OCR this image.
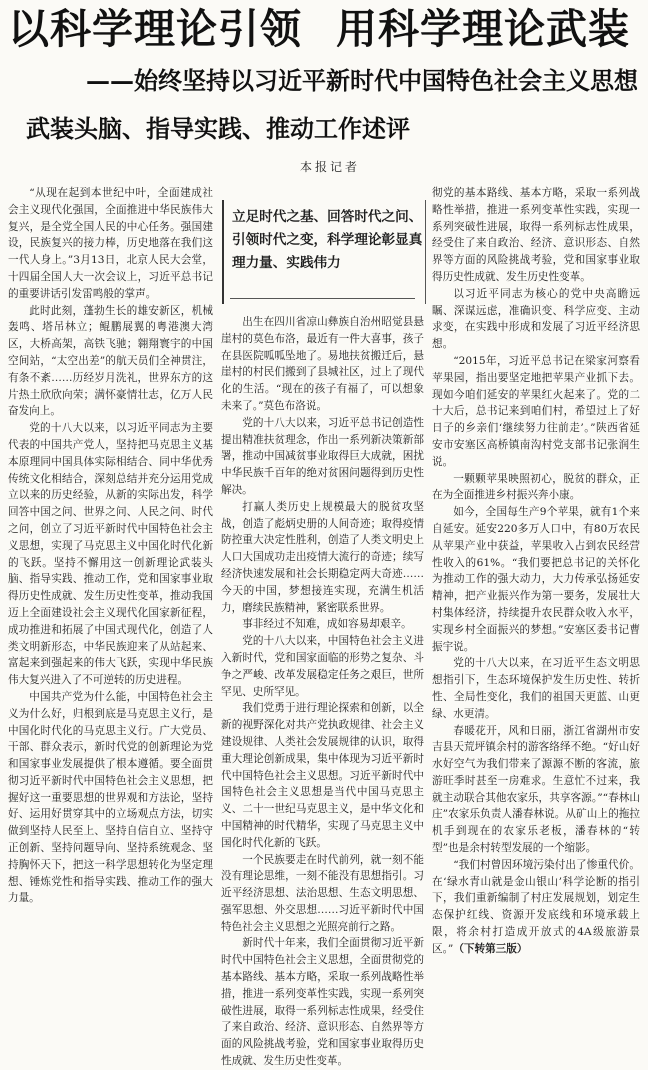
以科学理论引领 用科学理论武装
——始终坚持以习近平新时代中国特色社会主义思想
武装头脑、指导实践、推动工作述评
本报记者

“从现在起到本世纪中叶，全面建成社会主义现代化强国，全面推进中华民族伟大复兴，是全党全国人民的中心任务。强国建设，民族复兴的接力棒，历史地落在我们这一代人身上。”3月13日，北京人民大会堂，十四届全国人大一次会议上，习近平总书记的重要讲话引发雷鸣般的掌声。

此时此刻，蓬勃生长的雄安新区，机械轰鸣、塔吊林立；鲲鹏展翼的粤港澳大湾区，大桥高架，高铁飞驰；翱翔寰宇的中国空间站，“太空出差”的航天员们全神贯注，有条不紊……历经岁月洗礼，世界东方的这片热土欣欣向荣；满怀豪情壮志，亿万人民奋发向上。

党的十八大以来，以习近平同志为主要代表的中国共产党人，坚持把马克思主义基本原理同中国具体实际相结合、同中华优秀传统文化相结合，深刻总结并充分运用党成立以来的历史经验，从新的实际出发，科学回答中国之问、世界之问、人民之问、时代之问，创立了习近平新时代中国特色社会主义思想，实现了马克思主义中国化时代化新的飞跃。坚持不懈用这一创新理论武装头脑、指导实践、推动工作，党和国家事业取得历史性成就、发生历史性变革，推动我国迈上全面建设社会主义现代化国家新征程，成功推进和拓展了中国式现代化，创造了人类文明新形态，中华民族迎来了从站起来、富起来到强起来的伟大飞跃，实现中华民族伟大复兴进入了不可逆转的历史进程。

中国共产党为什么能，中国特色社会主义为什么好，归根到底是马克思主义行，是中国化时代化的马克思主义行。广大党员、干部、群众表示，新时代党的创新理论为党和国家事业发展提供了根本遵循。要全面贯彻习近平新时代中国特色社会主义思想，把握好这一重要思想的世界观和方法论，坚持好、运用好贯穿其中的立场观点方法，切实做到坚持人民至上、坚持自信自立、坚持守正创新、坚持问题导向、坚持系统观念、坚持胸怀天下，把这一科学思想转化为坚定理想、锤炼党性和指导实践、推动工作的强大力量。

立足时代之基、回答时代之问、引领时代之变，科学理论彰显真理力量、实践伟力

出生在四川省凉山彝族自治州昭觉县悬崖村的莫色布洛，最近有一件大喜事，孩子在县医院呱呱坠地了。易地扶贫搬迁后，悬崖村的村民们搬到了县城社区，过上了现代化的生活。“现在的孩子有福了，可以想象未来了。”莫色布洛说。

党的十八大以来，习近平总书记创造性提出精准扶贫理念，作出一系列新决策新部署，推动中国减贫事业取得巨大成就，困扰中华民族千百年的绝对贫困问题得到历史性解决。

打赢人类历史上规模最大的脱贫攻坚战，创造了彪炳史册的人间奇迹；取得疫情防控重大决定性胜利，创造了人类文明史上人口大国成功走出疫情大流行的奇迹；续写经济快速发展和社会长期稳定两大奇迹……今天的中国，梦想接连实现，充满生机活力，磨续民族精神，紧密联系世界。

事非经过不知难，成如容易却艰辛。

党的十八大以来，中国特色社会主义进入新时代，党和国家面临的形势之复杂、斗争之严峻、改革发展稳定任务之艰巨，世所罕见、史所罕见。

我们党勇于进行理论探索和创新，以全新的视野深化对共产党执政规律、社会主义建设规律、人类社会发展规律的认识，取得重大理论创新成果，集中体现为习近平新时代中国特色社会主义思想。习近平新时代中国特色社会主义思想是当代中国马克思主义、二十一世纪马克思主义，是中华文化和中国精神的时代精华，实现了马克思主义中国化时代化新的飞跃。

一个民族要走在时代前列，就一刻不能没有理论思维，一刻不能没有思想指引。习近平经济思想、法治思想、生态文明思想、强军思想、外交思想……习近平新时代中国特色社会主义思想之光照亮前行之路。

新时代十年来，我们全面贯彻习近平新时代中国特色社会主义思想，全面贯彻党的基本路线、基本方略，采取一系列战略性举措，推进一系列变革性实践，实现一系列突破性进展，取得一系列标志性成果，经受住了来自政治、经济、意识形态、自然界等方面的风险挑战考验，党和国家事业取得历史性成就、发生历史性变革。

彻党的基本路线、基本方略，采取一系列战略性举措，推进一系列变革性实践，实现一系列突破性进展，取得一系列标志性成果，经受住了来自政治、经济、意识形态、自然界等方面的风险挑战考验，党和国家事业取得历史性成就、发生历史性变革。

以习近平同志为核心的党中央高瞻远瞩、深谋远虑，准确识变、科学应变、主动求变，在实践中形成和发展了习近平经济思想。

“2015年，习近平总书记在梁家河察看苹果园，指出要坚定地把苹果产业抓下去。现如今咱们延安的苹果红火起来了。党的二十大后，总书记来到咱们村，希望过上了好日子的乡亲们‘继续努力往前走’。”陕西省延安市安塞区高桥镇南沟村党支部书记张润生说。

一颗颗苹果映照初心，脱贫的群众，正在为全面推进乡村振兴奔小康。

如今，全国每生产9个苹果，就有1个来自延安。延安220多万人口中，有80万农民从苹果产业中获益，苹果收入占到农民经营性收入的61%。“我们要把总书记的关怀化为推动工作的强大动力，大力传承弘扬延安精神，把产业振兴作为第一要务，发展壮大村集体经济，持续提升农民群众收入水平，实现乡村全面振兴的梦想。”安塞区委书记曹振宇说。

党的十八大以来，在习近平生态文明思想指引下，生态环境保护发生历史性、转折性、全局性变化，我们的祖国天更蓝、山更绿、水更清。

春暖花开，风和日丽，浙江省湖州市安吉县天荒坪镇余村的游客络绎不绝。“好山好水好空气为我们带来了源源不断的客流，旅游旺季时甚至一房难求。生意忙不过来，我就主动联合其他农家乐，共享客源。”“春林山庄”农家乐负责人潘春林说。从矿山上的拖拉机手到现在的农家乐老板，潘春林的“转型”也是余村转型发展的一个缩影。

“我们村曾因环境污染付出了惨重代价。在‘绿水青山就是金山银山’科学论断的指引下，我们重新编制了村庄发展规划，划定生态保护红线、资源开发底线和环境承载上限，将余村打造成开放式的4A级旅游景区。”（下转第三版）
